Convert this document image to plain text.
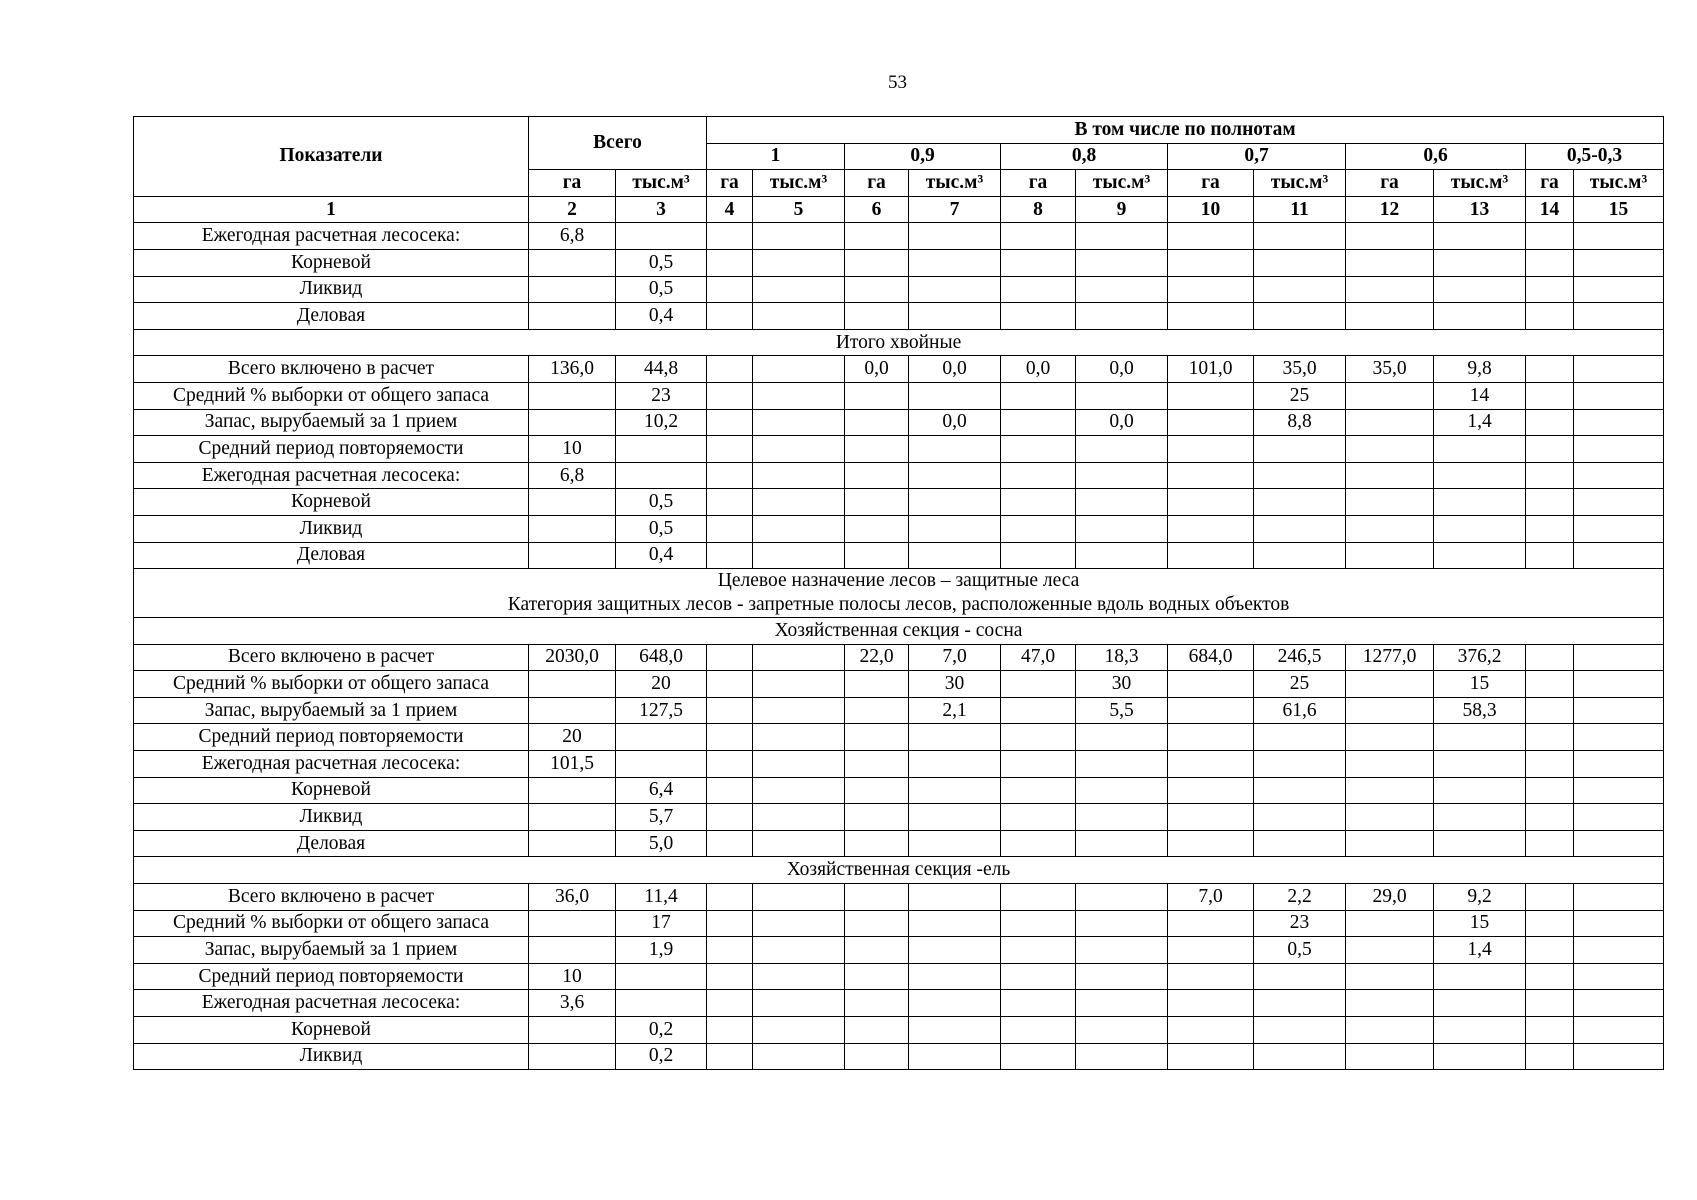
53
Показатели	Всего		В том числе по полнотам											
			1		0,9		0,8		0,7		0,6		0,5-0,3	
	га	тыс.м³	га	тыс.м³	га	тыс.м³	га	тыс.м³	га	тыс.м³	га	тыс.м³	га	тыс.м³
1	2	3	4	5	6	7	8	9	10	11	12	13	14	15
Ежегодная расчетная лесосека:	6,8													
Корневой		0,5												
Ликвид		0,5												
Деловая		0,4												

Итого хвойные														

Всего включено в расчет	136,0	44,8			0,0	0,0	0,0	0,0	101,0	35,0	35,0	9,8		
Средний % выборки от общего запаса		23								25		14		
Запас, вырубаемый за 1 прием		10,2				0,0		0,0		8,8		1,4		
Средний период повторяемости	10													
Ежегодная расчетная лесосека:	6,8													
Корневой		0,5												
Ликвид		0,5												
Деловая		0,4												

Целевое назначение лесов – защитные леса
Категория защитных лесов - запретные полосы лесов, расположенные вдоль водных объектов														

Хозяйственная секция - сосна														

Всего включено в расчет	2030,0	648,0			22,0	7,0	47,0	18,3	684,0	246,5	1277,0	376,2		
Средний % выборки от общего запаса		20				30		30		25		15		
Запас, вырубаемый за 1 прием		127,5				2,1		5,5		61,6		58,3		
Средний период повторяемости	20													
Ежегодная расчетная лесосека:	101,5													
Корневой		6,4												
Ликвид		5,7												
Деловая		5,0												

Хозяйственная секция -ель														

Всего включено в расчет	36,0	11,4							7,0	2,2	29,0	9,2		
Средний % выборки от общего запаса		17								23		15		
Запас, вырубаемый за 1 прием		1,9								0,5		1,4		
Средний период повторяемости	10													
Ежегодная расчетная лесосека:	3,6													
Корневой		0,2												
Ликвид		0,2												
